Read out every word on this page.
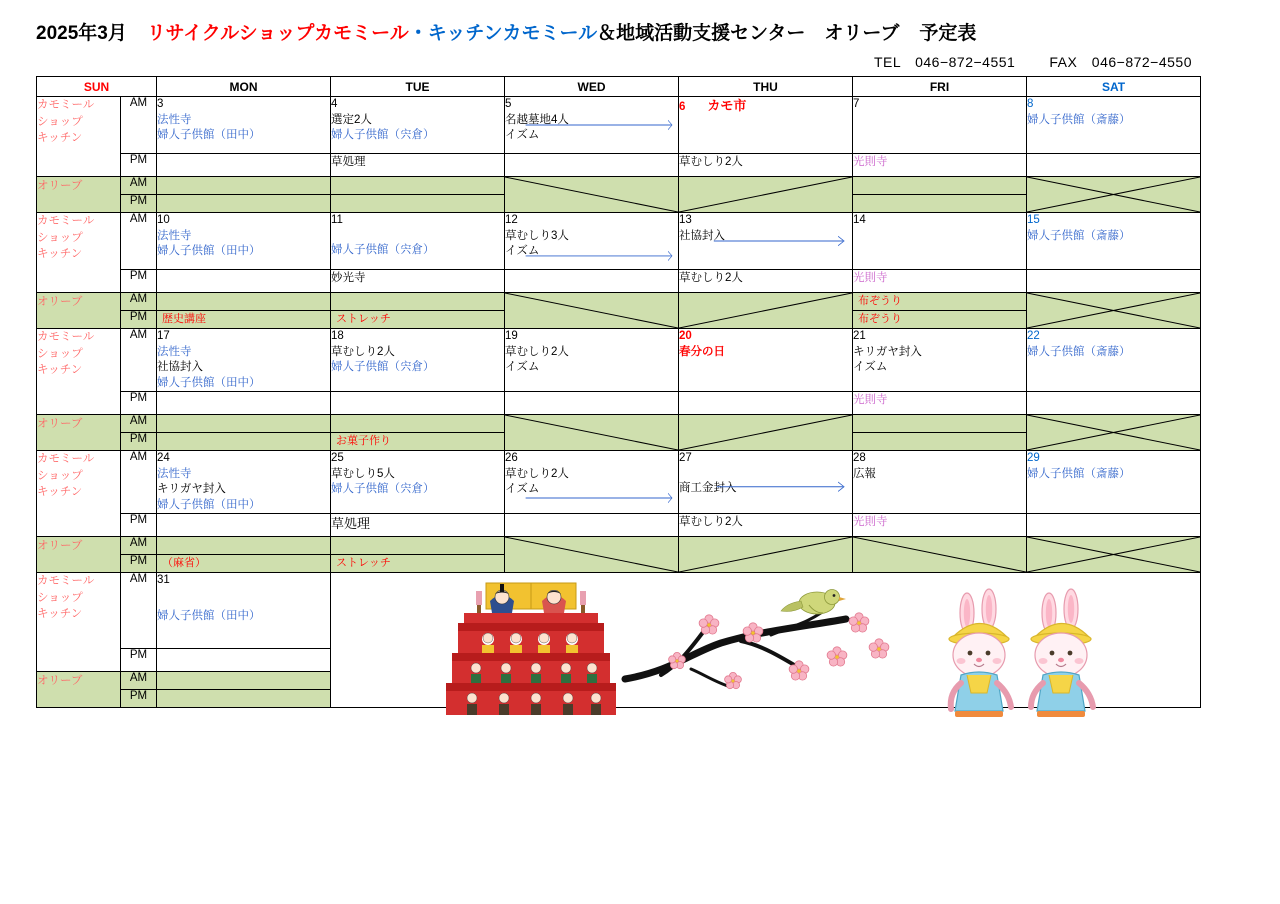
2025年3月 リサイクルショップカモミール・キッチンカモミール＆地域活動支援センター　オリーブ 予定表
TEL　046−872−4551 FAX　046−872−4550
SUN		MON	TUE	WED	THU	FRI	SAT
カモミール
ショップ
キッチン	AM	3
法性寺
婦人子供館（田中）	4
選定2人
婦人子供館（宍倉）	5
名越墓地4人
イズム	6 カモ市	7	8
婦人子供館（斎藤）

	PM		草処理		草むしり2人	光則寺	

オリーブ	AM	

	PM				

カモミール
ショップ
キッチン	AM	10
法性寺
婦人子供館（田中）	11
婦人子供館（宍倉）	12
草むしり3人
イズム	13
社協封入	14	15
婦人子供館（斎藤）

	PM		妙光寺		草むしり2人	光則寺	

オリーブ	AM					布ぞうり

	PM	歴史講座	ストレッチ			布ぞうり	

カモミール
ショップ
キッチン	AM	17
法性寺
社協封入
婦人子供館（田中）	18
草むしり2人
婦人子供館（宍倉）	19
草むしり2人
イズム	20
春分の日	21
キリガヤ封入
イズム	22
婦人子供館（斎藤）

	PM					光則寺	

オリーブ	AM	

	PM		お菓子作り				

カモミール
ショップ
キッチン	AM	24
法性寺
キリガヤ封入
婦人子供館（田中）	25
草むしり5人
婦人子供館（宍倉）	26
草むしり2人
イズム	27
商工金封入	28
広報	29
婦人子供館（斎藤）

	PM		草処理		草むしり2人	光則寺	

オリーブ	AM	

	PM	（麻省）	ストレッチ				

カモミール
ショップ
キッチン	AM	31
婦人子供館（田中）

	PM						

オリーブ	AM						

	PM						
